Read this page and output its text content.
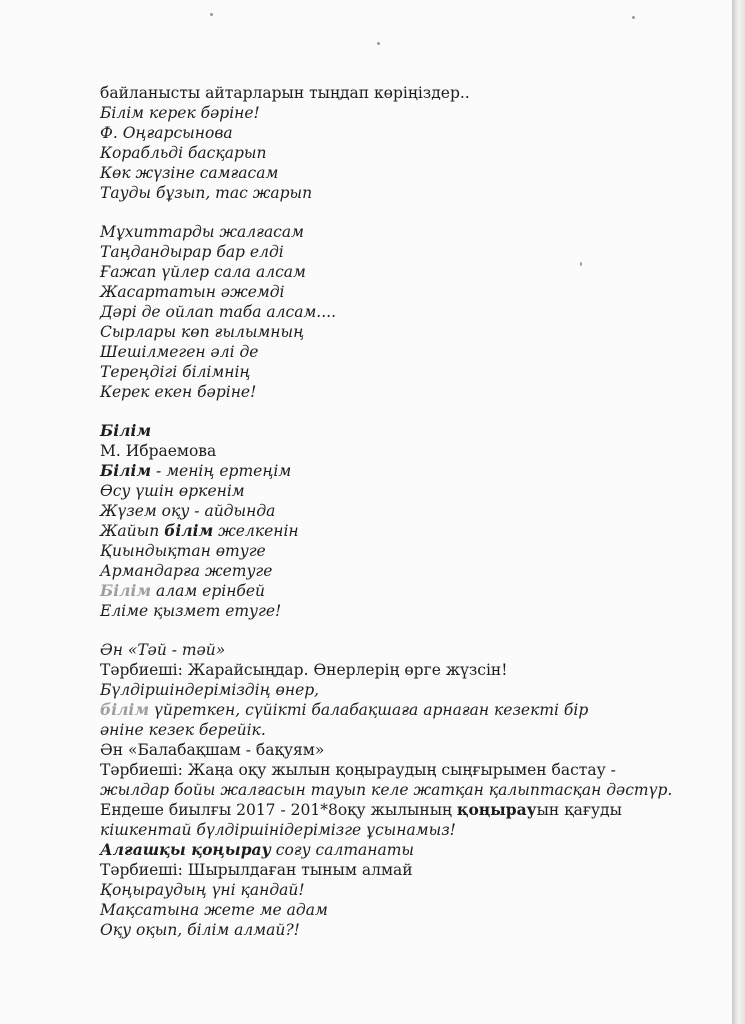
байланысты айтарларын тыңдап көріңіздер..
Білім керек бәріне!
Ф. Оңғарсынова
Корабльді басқарып
Көк жүзіне самғасам
Тауды бұзып, тас жарып
Мұхиттарды жалғасам
Таңдандырар бар елді
Ғажап үйлер сала алсам
Жасартатын әжемді
Дәрі де ойлап таба алсам....
Сырлары көп ғылымның
Шешілмеген әлі де
Тереңдігі білімнің
Керек екен бәріне!
Білім
М. Ибраемова
Білім - менің ертеңім
Өсу үшін өркенім
Жүзем оқу - айдында
Жайып білім желкенін
Қиындықтан өтуге
Армандарға жетуге
Білім алам ерінбей
Еліме қызмет етуге!
Ән «Тәй - тәй»
Тәрбиеші: Жарайсыңдар. Өнерлерің өрге жүзсін!
Бүлдіршіндеріміздің өнер,
білім үйреткен, сүйікті балабақшаға арнаған кезекті бір
әніне кезек берейік.
Ән «Балабақшам - бақуям»
Тәрбиеші: Жаңа оқу жылын қоңыраудың сыңғырымен бастау -
жылдар бойы жалғасын тауып келе жатқан қалыптасқан дәстүр.
Ендеше биылғы 2017 - 201*8оқу жылының қоңырауын қағуды
кішкентай бүлдіршінідерімізге ұсынамыз!
Алғашқы қоңырау соғу салтанаты
Тәрбиеші: Шырылдаған тыным алмай
Қоңыраудың үні қандай!
Мақсатына жете ме адам
Оқу оқып, білім алмай?!
